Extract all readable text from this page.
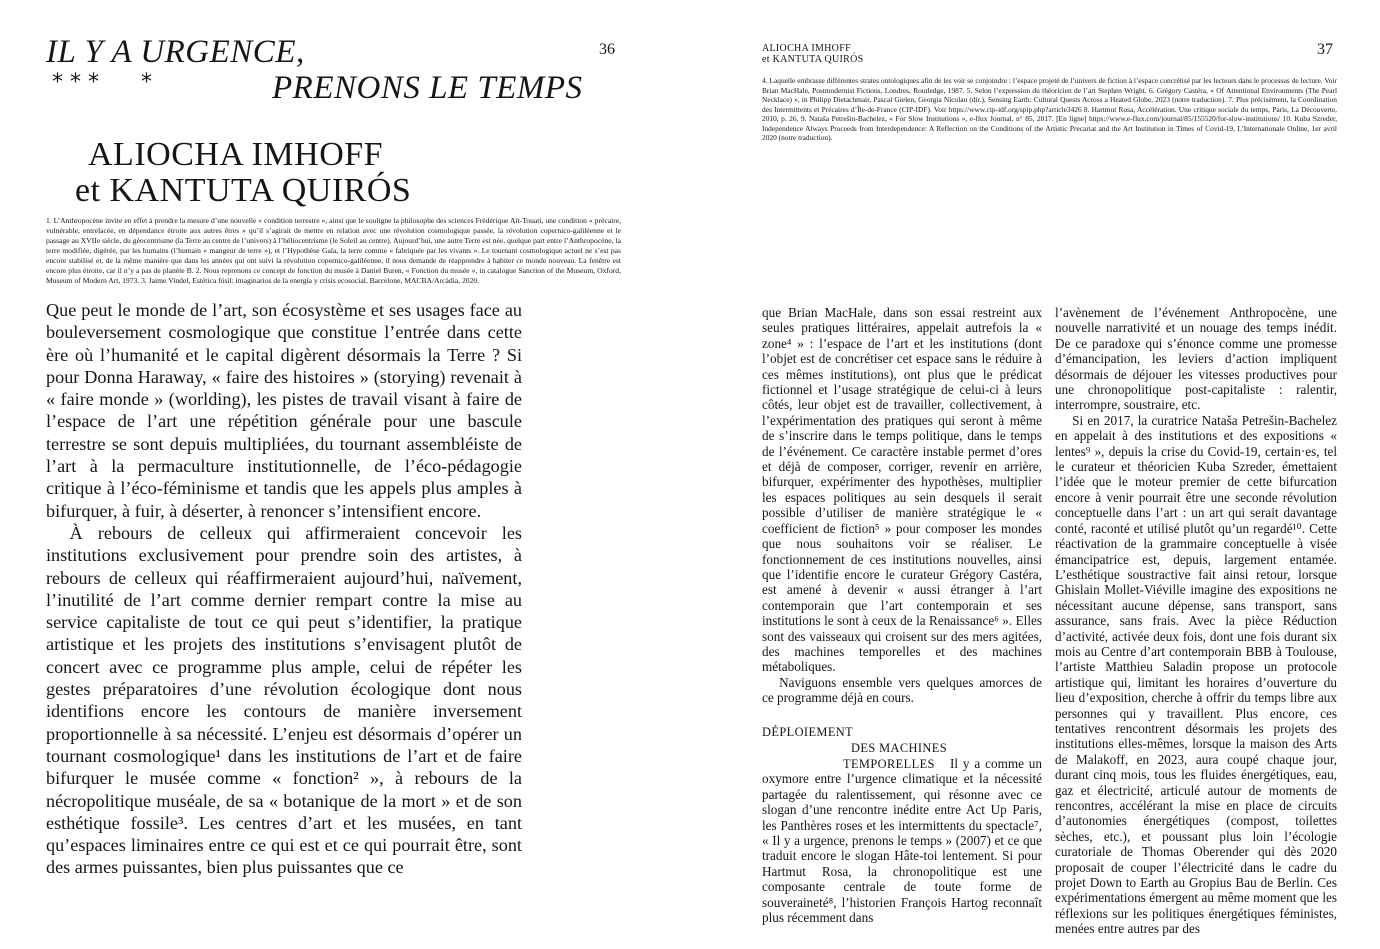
IL Y A URGENCE,	36
* * *      *	PRENONS LE TEMPS
ALIOCHA IMHOFF
et KANTUTA QUIRÓS
1. L’Anthropocène invite en effet à prendre la mesure d’une nouvelle « condition terrestre », ainsi que le souligne la philosophe des sciences Frédérique Aït-Touati, une condition « précaire, vulnérable, entrelacée, en dépendance étroite aux autres êtres » qu’il s’agirait de mettre en relation avec une révolution cosmologique passée, la révolution copernico-galiléenne et le passage au XVIIe siècle, du géocentrisme (la Terre au centre de l’univers) à l’héliocentrisme (le Soleil au centre). Aujourd’hui, une autre Terre est née, quelque part entre l’Anthropocène, la terre modifiée, digérée, par les humains (l’humain « mangeur de terre »), et l’Hypothèse Gaïa, la terre comme « fabriquée par les vivants ». Le tournant cosmologique actuel ne s’est pas encore stabilisé et, de la même manière que dans les années qui ont suivi la révolution copernico-galiléenne, il nous demande de réapprendre à habiter ce monde nouveau. La fenêtre est encore plus étroite, car il n’y a pas de planète B. 2. Nous reprenons ce concept de fonction du musée à Daniel Buren, « Fonction du musée », in catalogue Sanction of the Museum, Oxford, Museum of Modern Art, 1973. 3. Jaime Vindel, Estética fósil: imaginarios de la energía y crisis ecosocial, Barcelone, MACBA/Arcàdia, 2020.

Que peut le monde de l’art, son écosystème et ses usages face au bouleversement cosmologique que constitue l’entrée dans cette ère où l’humanité et le capital digèrent désormais la Terre ? Si pour Donna Haraway, « faire des histoires » (storying) revenait à « faire monde » (worlding), les pistes de travail visant à faire de l’espace de l’art une répétition générale pour une bascule terrestre se sont depuis multipliées, du tournant assembléiste de l’art à la permaculture institutionnelle, de l’éco-pédagogie critique à l’éco-féminisme et tandis que les appels plus amples à bifurquer, à fuir, à déserter, à renoncer s’intensifient encore.

À rebours de celleux qui affirmeraient concevoir les institutions exclusivement pour prendre soin des artistes, à rebours de celleux qui réaffirmeraient aujourd’hui, naïvement, l’inutilité de l’art comme dernier rempart contre la mise au service capitaliste de tout ce qui peut s’identifier, la pratique artistique et les projets des institutions s’envisagent plutôt de concert avec ce programme plus ample, celui de répéter les gestes préparatoires d’une révolution écologique dont nous identifions encore les contours de manière inversement proportionnelle à sa nécessité. L’enjeu est désormais d’opérer un tournant cosmologique¹ dans les institutions de l’art et de faire bifurquer le musée comme « fonction² », à rebours de la nécropolitique muséale, de sa « botanique de la mort » et de son esthétique fossile³. Les centres d’art et les musées, en tant qu’espaces liminaires entre ce qui est et ce qui pourrait être, sont des armes puissantes, bien plus puissantes que ce

ALIOCHA IMHOFF
et KANTUTA QUIRÓS
37
4. Laquelle embrasse différentes strates ontologiques afin de les voir se conjoindre : l’espace projeté de l’univers de fiction à l’espace concrétisé par les lecteurs dans le processus de lecture. Voir Brian MacHale, Postmodernist Fictions, Londres, Routledge, 1987. 5. Selon l’expression du théoricien de l’art Stephen Wright. 6. Grégory Castéra, « Of Attentional Environments (The Pearl Necklace) », in Philipp Dietachmair, Pascal Gielen, Georgia Nicolau (dir.), Sensing Earth: Cultural Quests Across a Heated Globe, 2023 (notre traduction). 7. Plus précisément, la Coordination des Intermittents et Précaires d’Île-de-France (CIP-IDF). Voir https://www.cip-idf.org/spip.php?article3426 8. Hartmut Rosa, Accélération. Une critique sociale du temps, Paris, La Découverte, 2010, p. 26. 9. Nataša Petrešin-Bachelez, « For Slow Institutions », e-flux Journal, n° 85, 2017. [En ligne] https://www.e-flux.com/journal/85/155520/for-slow-institutions/ 10. Kuba Szreder, Independence Always Proceeds from Interdependence: A Reflection on the Conditions of the Artistic Precariat and the Art Institution in Times of Covid-19, L’Internationale Online, 1er avril 2020 (notre traduction).

que Brian MacHale, dans son essai restreint aux seules pratiques littéraires, appelait autrefois la « zone⁴ » : l’espace de l’art et les institutions (dont l’objet est de concrétiser cet espace sans le réduire à ces mêmes institutions), ont plus que le prédicat fictionnel et l’usage stratégique de celui-ci à leurs côtés, leur objet est de travailler, collectivement, à l’expérimentation des pratiques qui seront à même de s’inscrire dans le temps politique, dans le temps de l’événement. Ce caractère instable permet d’ores et déjà de composer, corriger, revenir en arrière, bifurquer, expérimenter des hypothèses, multiplier les espaces politiques au sein desquels il serait possible d’utiliser de manière stratégique le « coefficient de fiction⁵ » pour composer les mondes que nous souhaitons voir se réaliser. Le fonctionnement de ces institutions nouvelles, ainsi que l’identifie encore le curateur Grégory Castéra, est amené à devenir « aussi étranger à l’art contemporain que l’art contemporain et ses institutions le sont à ceux de la Renaissance⁶ ». Elles sont des vaisseaux qui croisent sur des mers agitées, des machines temporelles et des machines métaboliques.

Naviguons ensemble vers quelques amorces de ce programme déjà en cours.

DÉPLOIEMENT
DES MACHINES
TEMPORELLES	Il y a comme un oxymore entre l’urgence climatique et la nécessité partagée du ralentissement, qui résonne avec ce slogan d’une rencontre inédite entre Act Up Paris, les Panthères roses et les intermittents du spectacle⁷, « Il y a urgence, prenons le temps » (2007) et ce que traduit encore le slogan Hâte-toi lentement. Si pour Hartmut Rosa, la chronopolitique est une composante centrale de toute forme de souveraineté⁸, l’historien François Hartog reconnaît plus récemment dans

l’avènement de l’événement Anthropocène, une nouvelle narrativité et un nouage des temps inédit. De ce paradoxe qui s’énonce comme une promesse d’émancipation, les leviers d’action impliquent désormais de déjouer les vitesses productives pour une chronopolitique post-capitaliste : ralentir, interrompre, soustraire, etc.

Si en 2017, la curatrice Nataša Petrešin-Bachelez en appelait à des institutions et des expositions « lentes⁹ », depuis la crise du Covid-19, certain·es, tel le curateur et théoricien Kuba Szreder, émettaient l’idée que le moteur premier de cette bifurcation encore à venir pourrait être une seconde révolution conceptuelle dans l’art : un art qui serait davantage conté, raconté et utilisé plutôt qu’un regardé¹⁰. Cette réactivation de la grammaire conceptuelle à visée émancipatrice est, depuis, largement entamée. L’esthétique soustractive fait ainsi retour, lorsque Ghislain Mollet-Viéville imagine des expositions ne nécessitant aucune dépense, sans transport, sans assurance, sans frais. Avec la pièce Réduction d’activité, activée deux fois, dont une fois durant six mois au Centre d’art contemporain BBB à Toulouse, l’artiste Matthieu Saladin propose un protocole artistique qui, limitant les horaires d’ouverture du lieu d’exposition, cherche à offrir du temps libre aux personnes qui y travaillent. Plus encore, ces tentatives rencontrent désormais les projets des institutions elles-mêmes, lorsque la maison des Arts de Malakoff, en 2023, aura coupé chaque jour, durant cinq mois, tous les fluides énergétiques, eau, gaz et électricité, articulé autour de moments de rencontres, accélérant la mise en place de circuits d’autonomies énergétiques (compost, toilettes sèches, etc.), et poussant plus loin l’écologie curatoriale de Thomas Oberender qui dès 2020 proposait de couper l’électricité dans le cadre du projet Down to Earth au Gropius Bau de Berlin. Ces expérimentations émergent au même moment que les réflexions sur les politiques énergétiques féministes, menées entre autres par des
